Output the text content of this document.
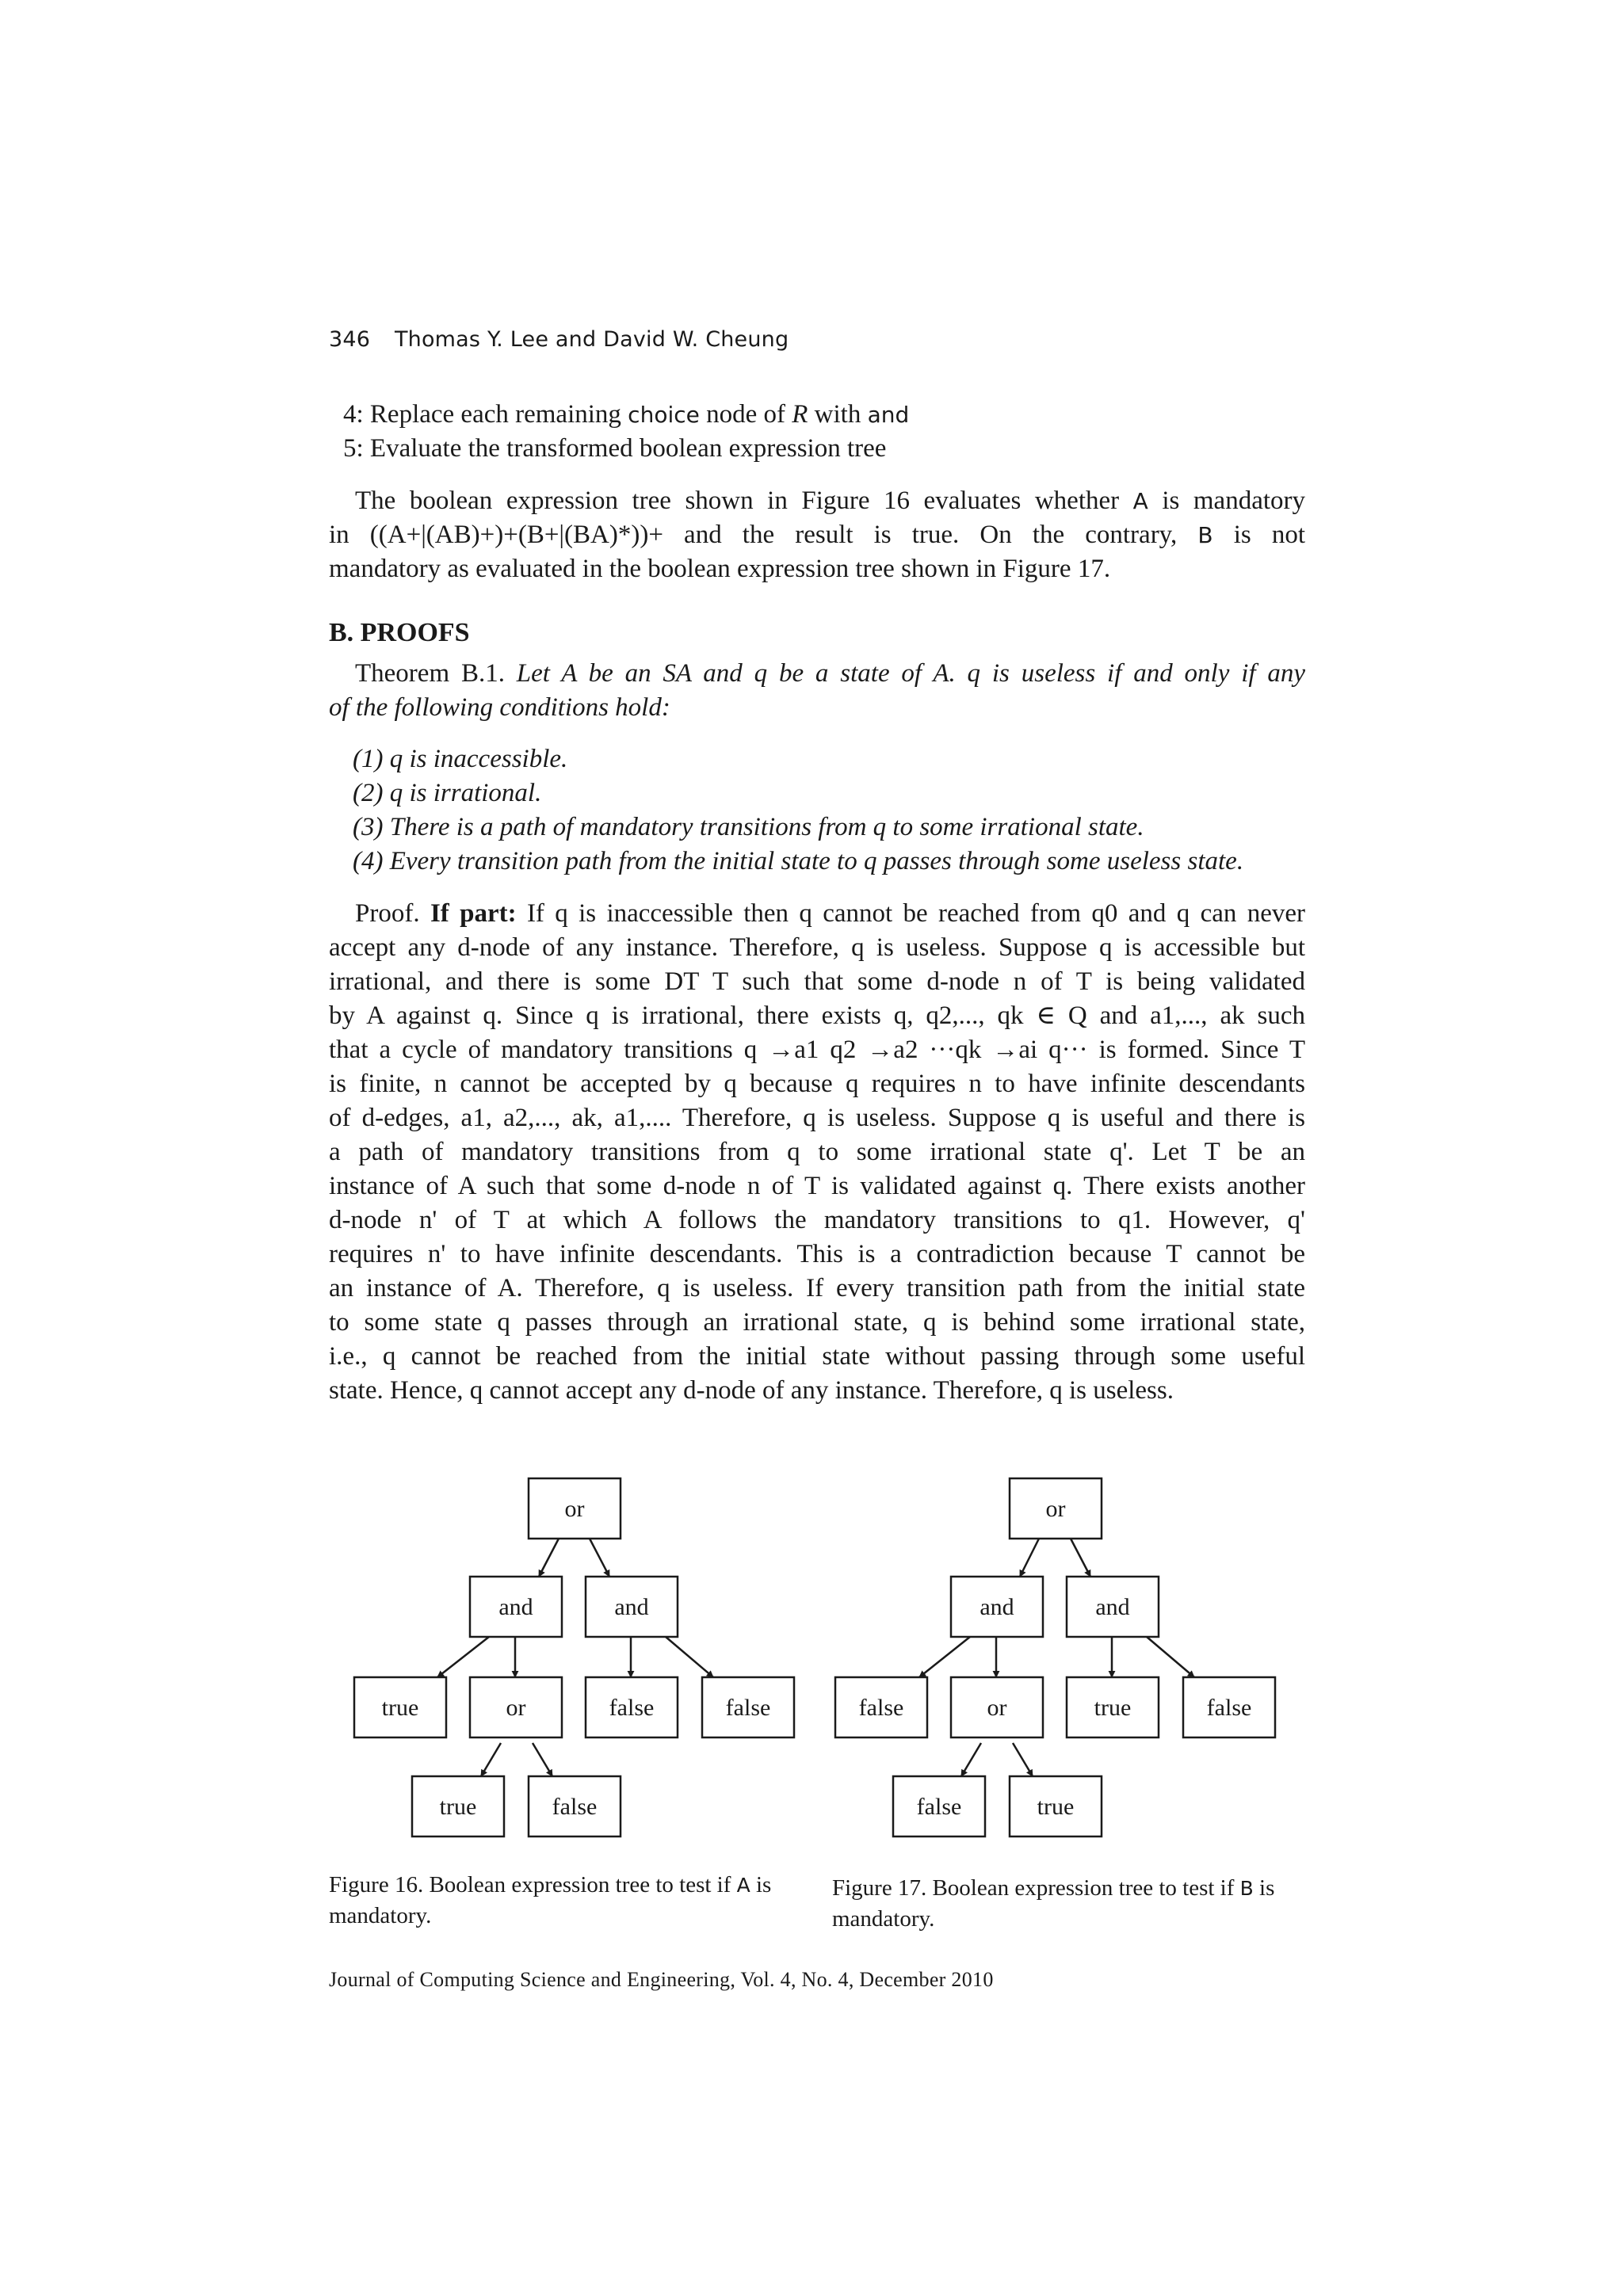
346 Thomas Y. Lee and David W. Cheung
4: Replace each remaining choice node of R with and
5: Evaluate the transformed boolean expression tree
 The boolean expression tree shown in Figure 16 evaluates whether A is mandatory
in ((A+|(AB)+)+(B+|(BA)*))+ and the result is true. On the contrary, B is not
mandatory as evaluated in the boolean expression tree shown in Figure 17.
B. PROOFS
 Theorem B.1. Let A be an SA and q be a state of A. q is useless if and only if any
of the following conditions hold:
(1) q is inaccessible.
(2) q is irrational.
(3) There is a path of mandatory transitions from q to some irrational state.
(4) Every transition path from the initial state to q passes through some useless state.
 Proof. If part: If q is inaccessible then q cannot be reached from q0 and q can never
accept any d-node of any instance. Therefore, q is useless. Suppose q is accessible but
irrational, and there is some DT T such that some d-node n of T is being validated
by A against q. Since q is irrational, there exists q, q2,..., qk ∈ Q and a1,..., ak such
that a cycle of mandatory transitions q →a1 q2 →a2 ···qk →ai q··· is formed. Since T
is finite, n cannot be accepted by q because q requires n to have infinite descendants
of d-edges, a1, a2,..., ak, a1,.... Therefore, q is useless. Suppose q is useful and there is
a path of mandatory transitions from q to some irrational state q'. Let T be an
instance of A such that some d-node n of T is validated against q. There exists another
d-node n' of T at which A follows the mandatory transitions to q1. However, q'
requires n' to have infinite descendants. This is a contradiction because T cannot be
an instance of A. Therefore, q is useless. If every transition path from the initial state
to some state q passes through an irrational state, q is behind some irrational state,
i.e., q cannot be reached from the initial state without passing through some useful
state. Hence, q cannot accept any d-node of any instance. Therefore, q is useless.
or
and	and
true	or	false	false
true	false
or
and	and
false	or	true	false
false	true
Figure 16. Boolean expression tree to test if A is
mandatory.
Figure 17. Boolean expression tree to test if B is
mandatory.
Journal of Computing Science and Engineering, Vol. 4, No. 4, December 2010
